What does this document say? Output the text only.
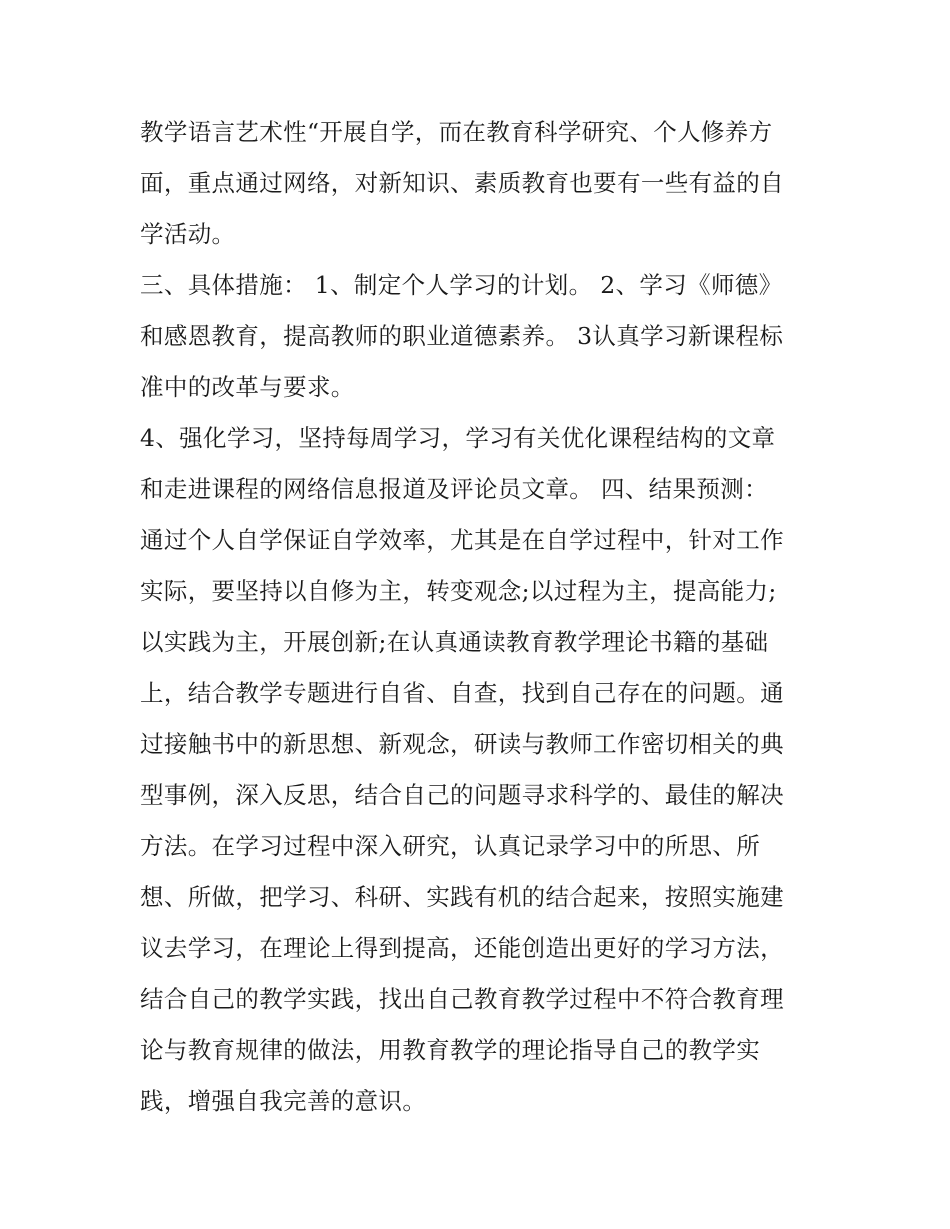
教学语言艺术性“开展自学，而在教育科学研究、个人修养方
面，重点通过网络，对新知识、素质教育也要有一些有益的自
学活动。
三、具体措施： 1、制定个人学习的计划。 2、学习《师德》
和感恩教育，提高教师的职业道德素养。 3认真学习新课程标
准中的改革与要求。
4、强化学习，坚持每周学习，学习有关优化课程结构的文章
和走进课程的网络信息报道及评论员文章。 四、结果预测：
通过个人自学保证自学效率，尤其是在自学过程中，针对工作
实际，要坚持以自修为主，转变观念;以过程为主，提高能力;
以实践为主，开展创新;在认真通读教育教学理论书籍的基础
上，结合教学专题进行自省、自查，找到自己存在的问题。通
过接触书中的新思想、新观念，研读与教师工作密切相关的典
型事例，深入反思，结合自己的问题寻求科学的、最佳的解决
方法。在学习过程中深入研究，认真记录学习中的所思、所
想、所做，把学习、科研、实践有机的结合起来，按照实施建
议去学习，在理论上得到提高，还能创造出更好的学习方法，
结合自己的教学实践，找出自己教育教学过程中不符合教育理
论与教育规律的做法，用教育教学的理论指导自己的教学实
践，增强自我完善的意识。
